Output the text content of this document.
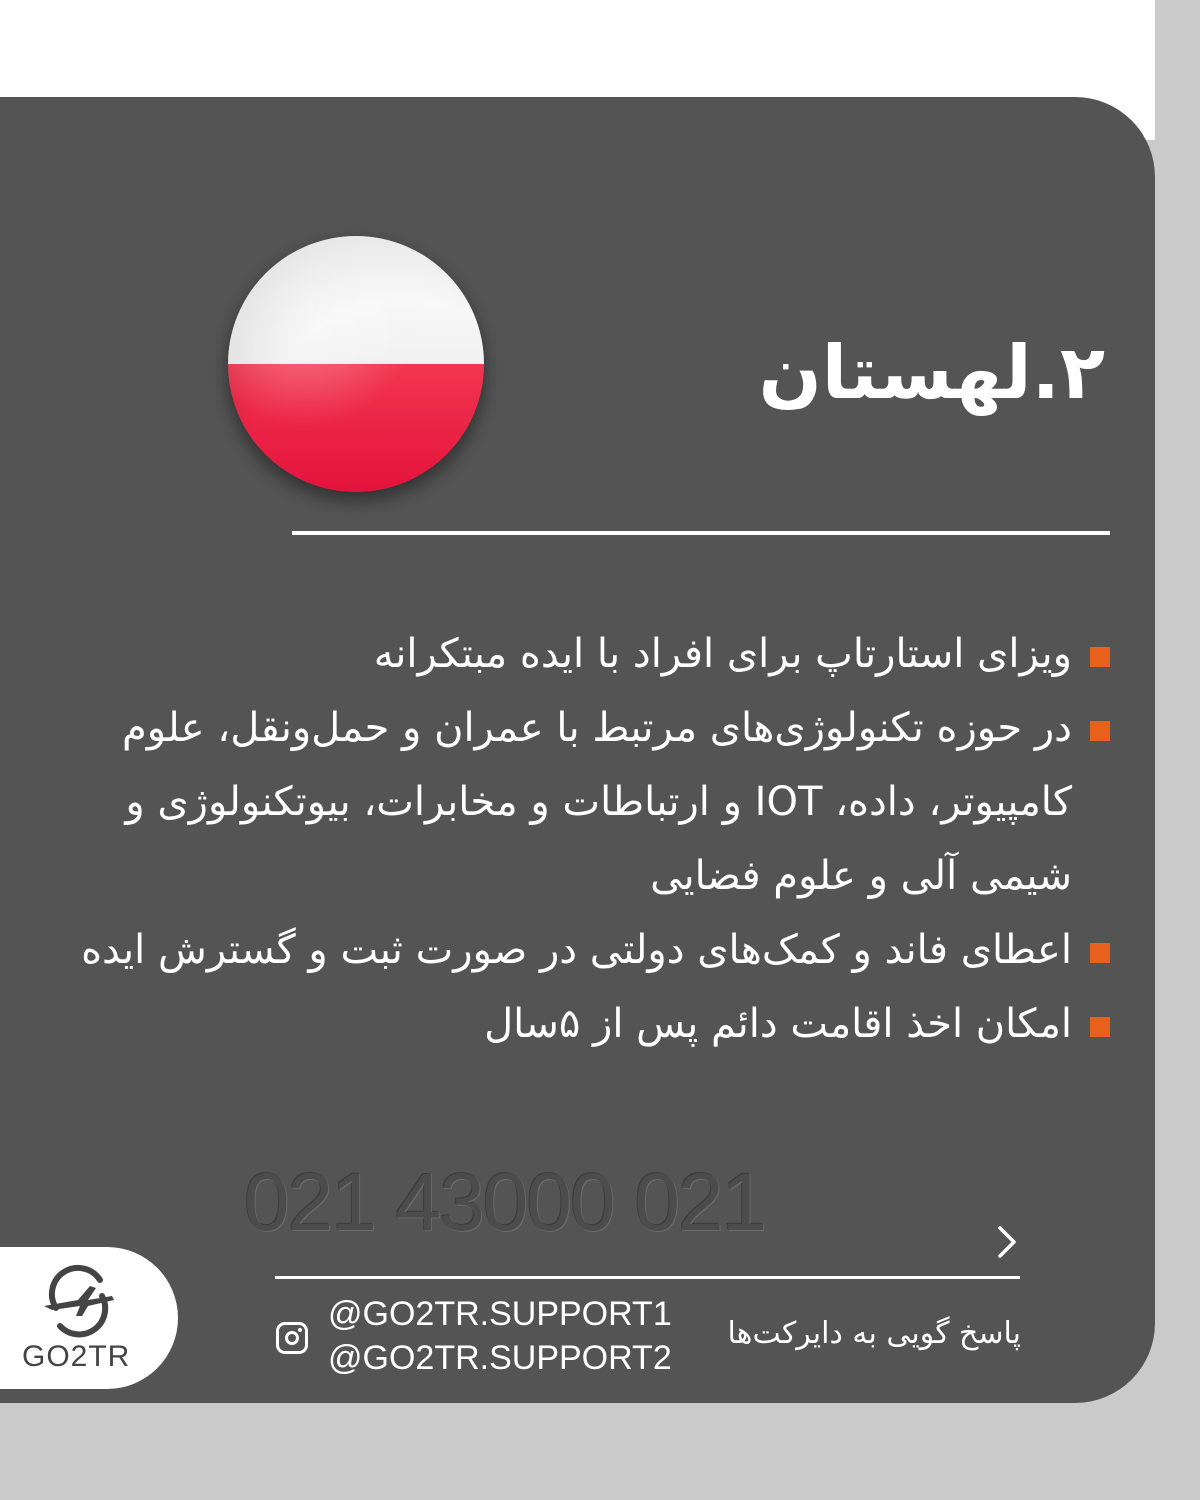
۲.لهستان
ویزای استارتاپ برای افراد با ایده مبتکرانه
در حوزه تکنولوژی‌های مرتبط با عمران و حمل‌ونقل، علوم کامپیوتر، داده، IOT و ارتباطات و مخابرات، بیوتکنولوژی و شیمی آلی و علوم فضایی
اعطای فاند و کمک‌های دولتی در صورت ثبت و گسترش ایده
امکان اخذ اقامت دائم پس از ۵سال
021 43000 021
@GO2TR.SUPPORT1
@GO2TR.SUPPORT2
پاسخ گویی به دایرکت‌ها
GO2TR
